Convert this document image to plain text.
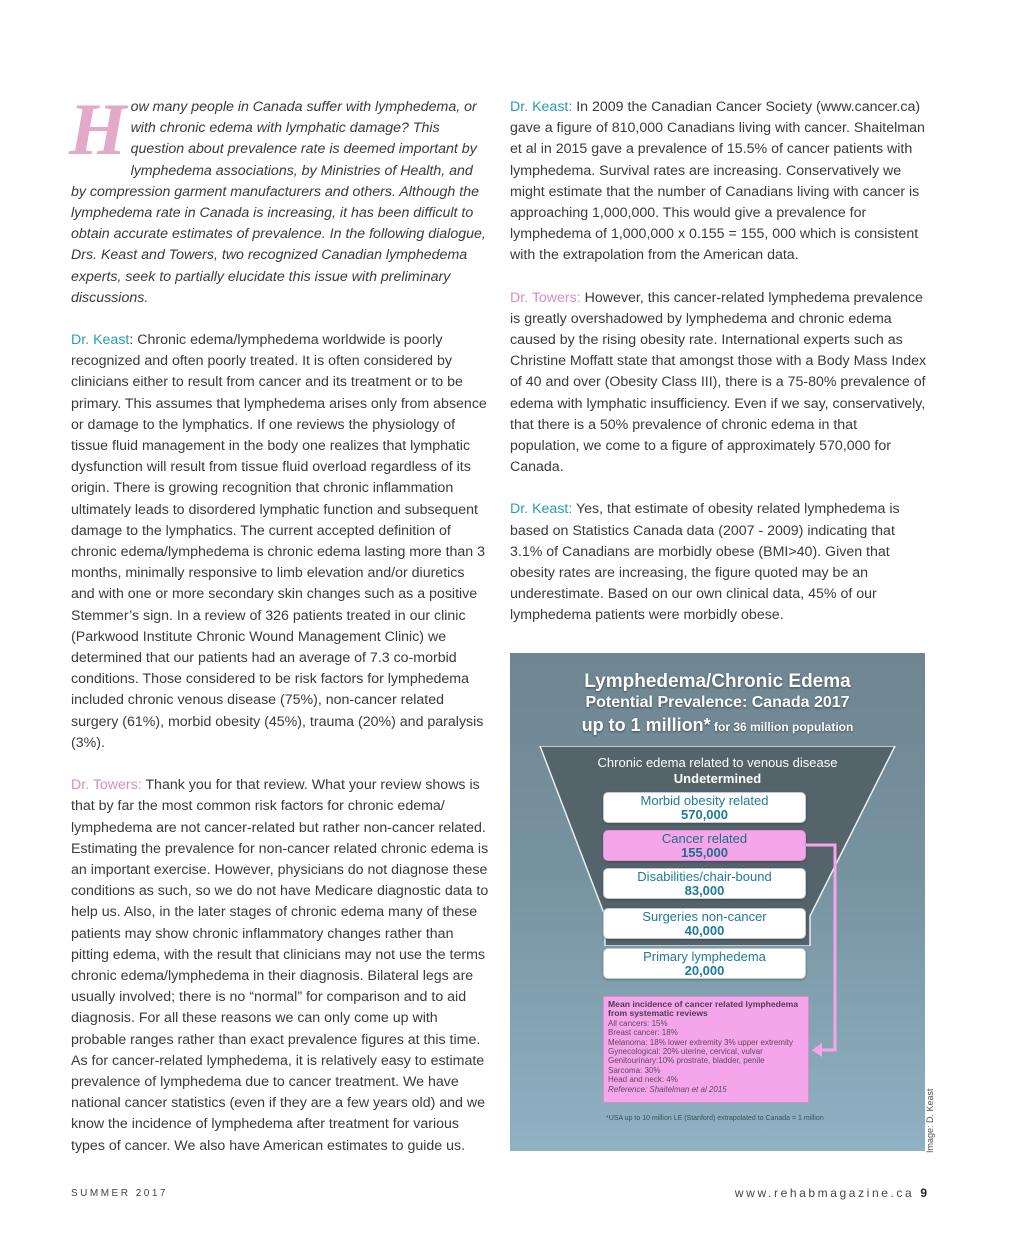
How many people in Canada suffer with lymphedema, or with chronic edema with lymphatic damage? This question about prevalence rate is deemed important by lymphedema associations, by Ministries of Health, and by compression garment manufacturers and others. Although the lymphedema rate in Canada is increasing, it has been difficult to obtain accurate estimates of prevalence. In the following dialogue, Drs. Keast and Towers, two recognized Canadian lymphedema experts, seek to partially elucidate this issue with preliminary discussions.

Dr. Keast: Chronic edema/lymphedema worldwide is poorly recognized and often poorly treated. It is often considered by clinicians either to result from cancer and its treatment or to be primary. This assumes that lymphedema arises only from absence or damage to the lymphatics. If one reviews the physiology of tissue fluid management in the body one realizes that lymphatic dysfunction will result from tissue fluid overload regardless of its origin. There is growing recognition that chronic inflammation ultimately leads to disordered lymphatic function and subsequent damage to the lymphatics. The current accepted definition of chronic edema/lymphedema is chronic edema lasting more than 3 months, minimally responsive to limb elevation and/or diuretics and with one or more secondary skin changes such as a positive Stemmer’s sign. In a review of 326 patients treated in our clinic (Parkwood Institute Chronic Wound Management Clinic) we determined that our patients had an average of 7.3 co-morbid conditions. Those considered to be risk factors for lymphedema included chronic venous disease (75%), non-cancer related surgery (61%), morbid obesity (45%), trauma (20%) and paralysis (3%).

Dr. Towers: Thank you for that review. What your review shows is that by far the most common risk factors for chronic edema/ lymphedema are not cancer-related but rather non-cancer related. Estimating the prevalence for non-cancer related chronic edema is an important exercise. However, physicians do not diagnose these conditions as such, so we do not have Medicare diagnostic data to help us. Also, in the later stages of chronic edema many of these patients may show chronic inflammatory changes rather than pitting edema, with the result that clinicians may not use the terms chronic edema/lymphedema in their diagnosis. Bilateral legs are usually involved; there is no “normal” for comparison and to aid diagnosis. For all these reasons we can only come up with probable ranges rather than exact prevalence figures at this time. As for cancer-related lymphedema, it is relatively easy to estimate prevalence of lymphedema due to cancer treatment. We have national cancer statistics (even if they are a few years old) and we know the incidence of lymphedema after treatment for various types of cancer. We also have American estimates to guide us.

Dr. Keast: In 2009 the Canadian Cancer Society (www.cancer.ca) gave a figure of 810,000 Canadians living with cancer. Shaitelman et al in 2015 gave a prevalence of 15.5% of cancer patients with lymphedema. Survival rates are increasing. Conservatively we might estimate that the number of Canadians living with cancer is approaching 1,000,000. This would give a prevalence for lymphedema of 1,000,000 x 0.155 = 155, 000 which is consistent with the extrapolation from the American data.

Dr. Towers: However, this cancer-related lymphedema prevalence is greatly overshadowed by lymphedema and chronic edema caused by the rising obesity rate. International experts such as Christine Moffatt state that amongst those with a Body Mass Index of 40 and over (Obesity Class III), there is a 75-80% prevalence of edema with lymphatic insufficiency. Even if we say, conservatively, that there is a 50% prevalence of chronic edema in that population, we come to a figure of approximately 570,000 for Canada.

Dr. Keast: Yes, that estimate of obesity related lymphedema is based on Statistics Canada data (2007 - 2009) indicating that 3.1% of Canadians are morbidly obese (BMI>40). Given that obesity rates are increasing, the figure quoted may be an underestimate. Based on our own clinical data, 45% of our lymphedema patients were morbidly obese.

Lymphedema/Chronic Edema
Potential Prevalence: Canada 2017
up to 1 million* for 36 million population
Chronic edema related to venous disease
Undetermined
Morbid obesity related
570,000
Cancer related
155,000
Disabilities/chair-bound
83,000
Surgeries non-cancer
40,000
Primary lymphedema
20,000
Mean incidence of cancer related lymphedema from systematic reviews
All cancers: 15%
Breast cancer: 18%
Melanoma: 18% lower extremity 3% upper extremity
Gynecological: 20% uterine, cervical, vulvar
Genitourinary:10% prostrate, bladder, penile
Sarcoma: 30%
Head and neck: 4%
Reference: Shaitelman et al 2015
*USA up to 10 million LE (Stanford) extrapolated to Canada = 1 million	Image: D. Keast
SUMMER 2017	www.rehabmagazine.ca 9
